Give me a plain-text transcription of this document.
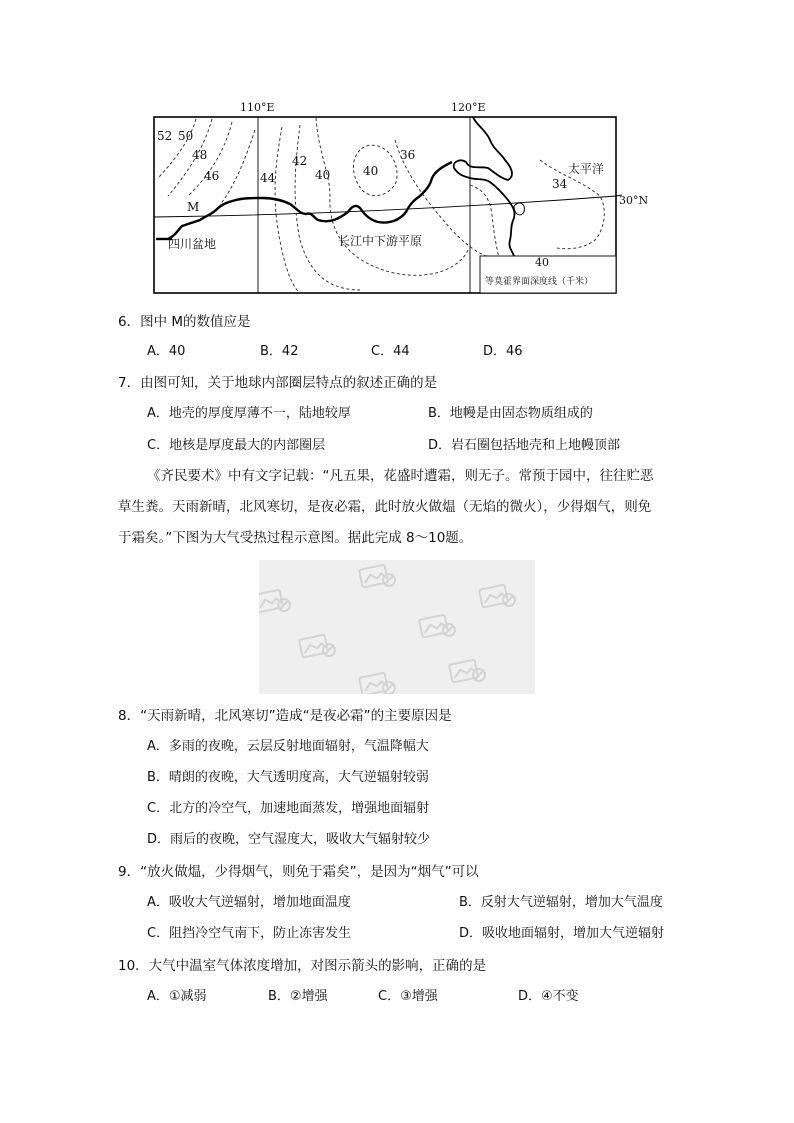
110°E	120°E
30°N
52 50
48
46	44
42
40	40
36
34
40
M
四川盆地	长江中下游平原
太平洋
等莫霍界面深度线（千米）
6．图中 M的数值应是
A．40	B．42	C．44	D．46
7．由图可知，关于地球内部圈层特点的叙述正确的是
A．地壳的厚度厚薄不一，陆地较厚	B．地幔是由固态物质组成的
C．地核是厚度最大的内部圈层	D．岩石圈包括地壳和上地幔顶部
《齐民要术》中有文字记载：“凡五果，花盛时遭霜，则无子。常预于园中，往往贮恶
草生粪。天雨新晴，北风寒切，是夜必霜，此时放火做煴（无焰的微火），少得烟气，则免
于霜矣。”下图为大气受热过程示意图。据此完成 8～10题。
8．“天雨新晴，北风寒切”造成“是夜必霜”的主要原因是
A．多雨的夜晚，云层反射地面辐射，气温降幅大
B．晴朗的夜晚，大气透明度高，大气逆辐射较弱
C．北方的冷空气，加速地面蒸发，增强地面辐射
D．雨后的夜晚，空气湿度大，吸收大气辐射较少
9．“放火做煴，少得烟气，则免于霜矣”，是因为“烟气”可以
A．吸收大气逆辐射，增加地面温度	B．反射大气逆辐射，增加大气温度
C．阻挡冷空气南下，防止冻害发生	D．吸收地面辐射，增加大气逆辐射
10．大气中温室气体浓度增加，对图示箭头的影响，正确的是
A．①减弱	B．②增强	C．③增强	D．④不变
